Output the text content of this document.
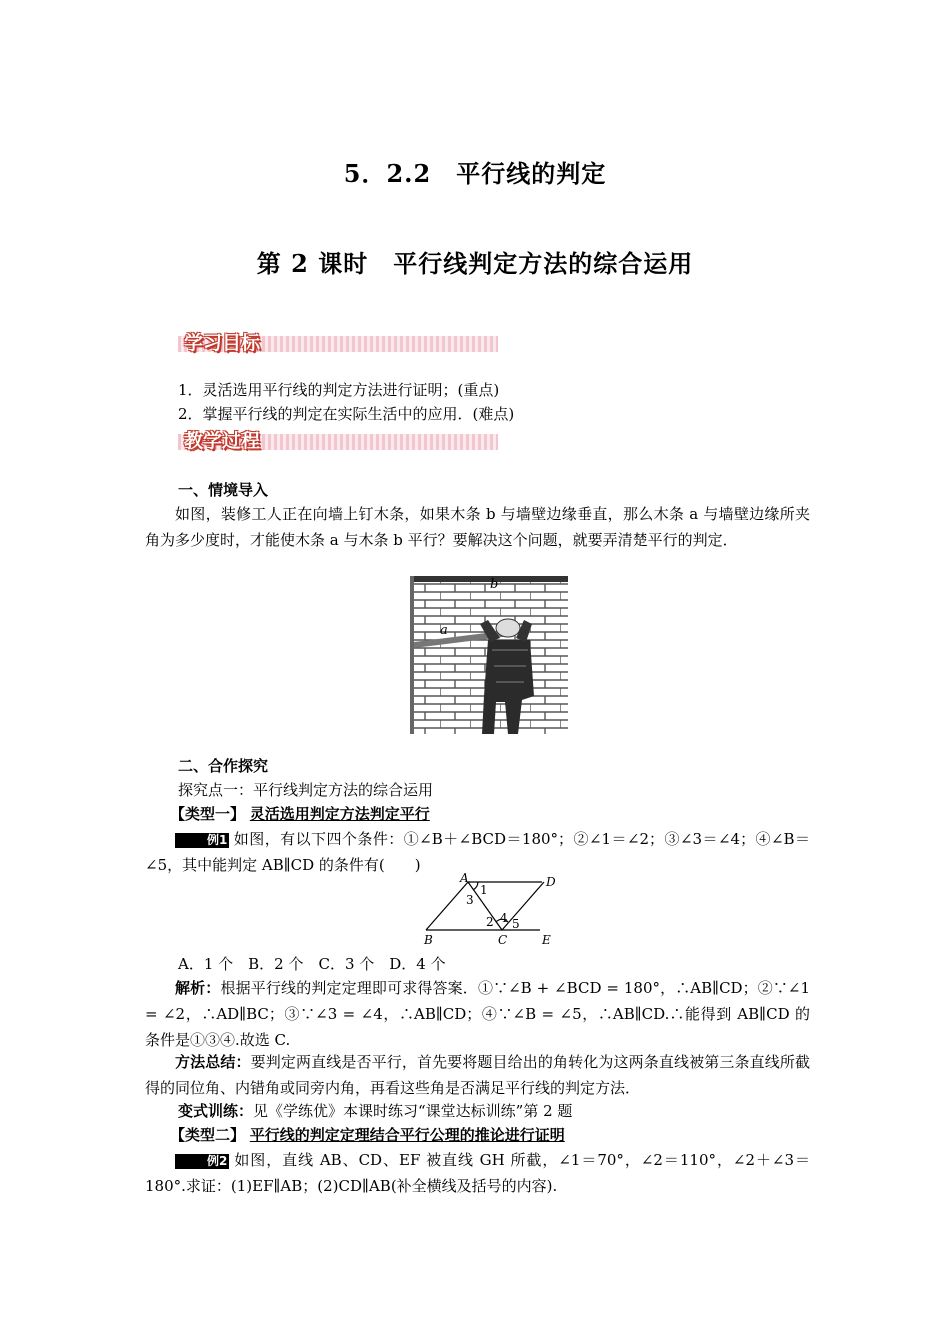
5．2.2　平行线的判定
第 2 课时　平行线判定方法的综合运用
学习目标
1．灵活选用平行线的判定方法进行证明；(重点)
2．掌握平行线的判定在实际生活中的应用．(难点)
教学过程
一、情境导入
如图，装修工人正在向墙上钉木条，如果木条 b 与墙壁边缘垂直，那么木条 a 与墙壁边缘所夹角为多少度时，才能使木条 a 与木条 b 平行？要解决这个问题，就要弄清楚平行的判定．
b
a
二、合作探究
探究点一：平行线判定方法的综合运用
【类型一】 灵活选用判定方法判定平行
例1 如图，有以下四个条件：①∠B＋∠BCD＝180°；②∠1＝∠2；③∠3＝∠4；④∠B＝∠5，其中能判定 AB∥CD 的条件有(　　)
A	D
B	C	E
1
3
2 4 5
A．1 个　B．2 个　C．3 个　D．4 个
解析：根据平行线的判定定理即可求得答案．①∵∠B + ∠BCD = 180°，∴AB∥CD；②∵∠1 = ∠2，∴AD∥BC；③∵∠3 = ∠4，∴AB∥CD；④∵∠B = ∠5，∴AB∥CD.∴能得到 AB∥CD 的条件是①③④.故选 C.
方法总结：要判定两直线是否平行，首先要将题目给出的角转化为这两条直线被第三条直线所截得的同位角、内错角或同旁内角，再看这些角是否满足平行线的判定方法．
变式训练：见《学练优》本课时练习“课堂达标训练”第 2 题
【类型二】 平行线的判定定理结合平行公理的推论进行证明
例2 如图，直线 AB、CD、EF 被直线 GH 所截，∠1＝70°，∠2＝110°，∠2＋∠3＝180°.求证：(1)EF∥AB；(2)CD∥AB(补全横线及括号的内容).
